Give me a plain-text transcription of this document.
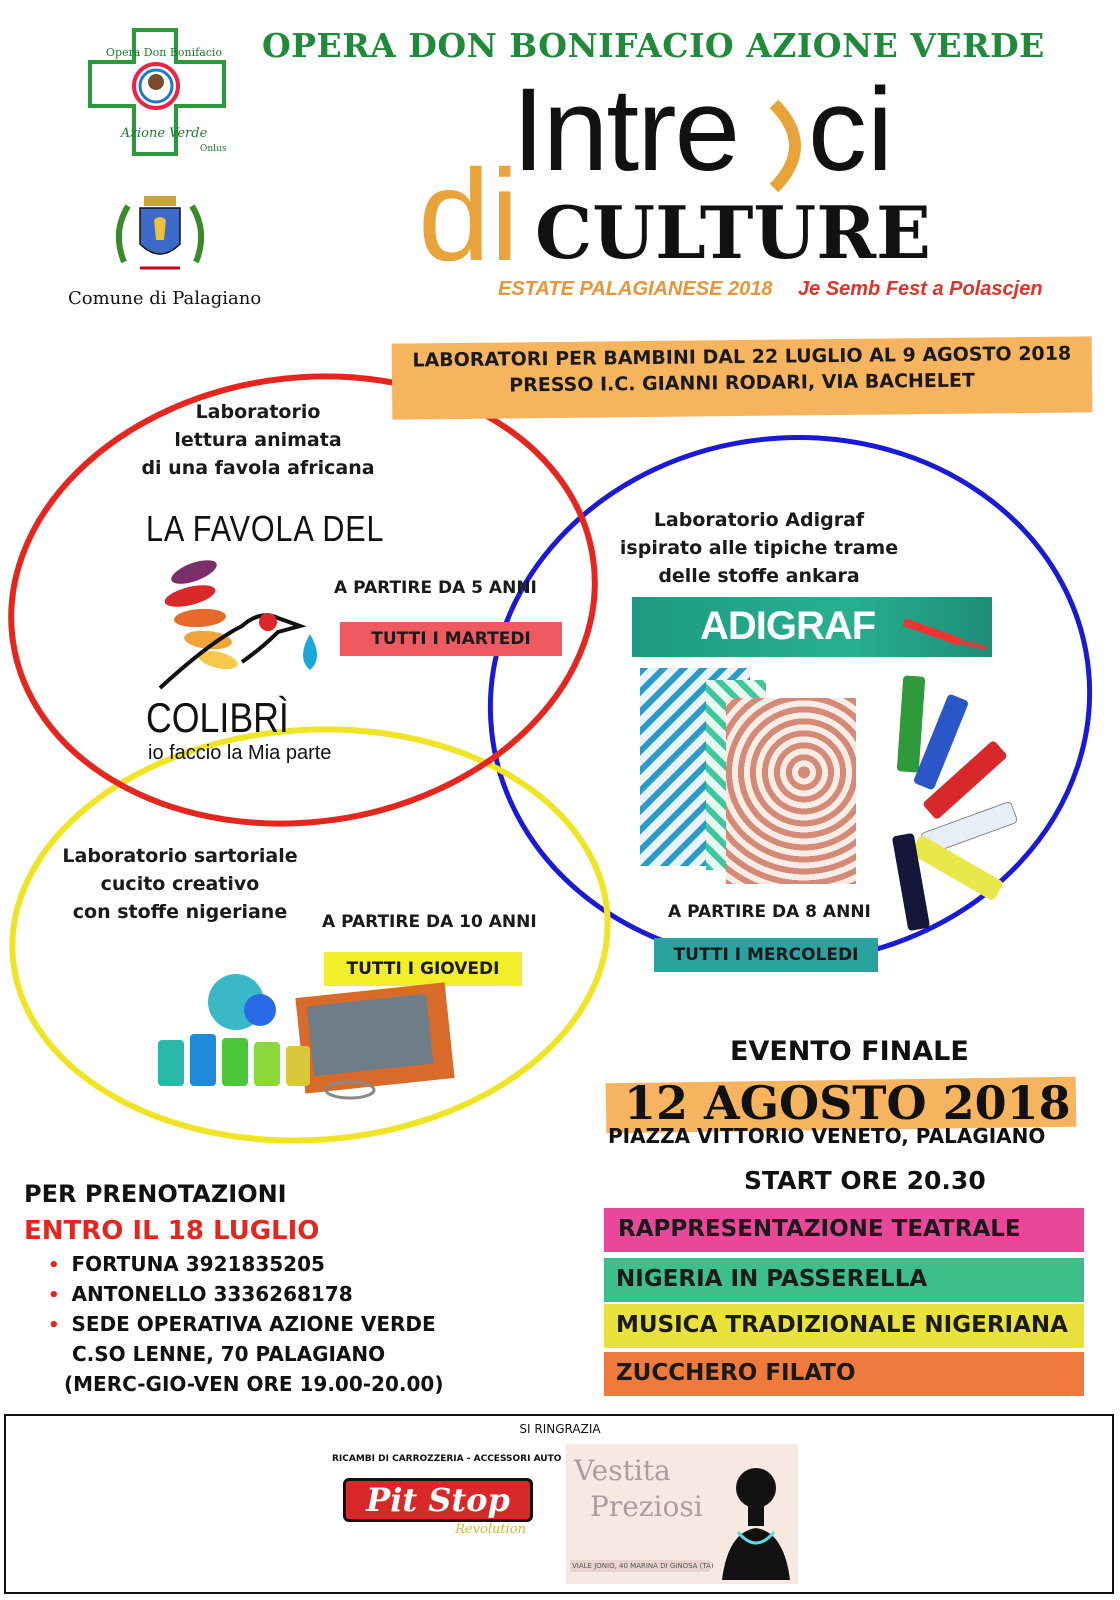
OPERA DON BONIFACIO AZIONE VERDE
Intre ci
di CULTURE
ESTATE PALAGIANESE 2018 Je Semb Fest a Polascjen
Opera Don Bonifacio
Azione Verde
Onlus
Comune di Palagiano
LABORATORI PER BAMBINI DAL 22 LUGLIO AL 9 AGOSTO 2018
PRESSO I.C. GIANNI RODARI, VIA BACHELET
Laboratorio
lettura animata
di una favola africana
LA FAVOLA DEL
COLIBRÌ
io faccio la Mia parte
A PARTIRE DA 5 ANNI
TUTTI I MARTEDI
Laboratorio Adigraf
ispirato alle tipiche trame
delle stoffe ankara
ADIGRAF
A PARTIRE DA 8 ANNI
TUTTI I MERCOLEDI
Laboratorio sartoriale
cucito creativo
con stoffe nigeriane	A PARTIRE DA 10 ANNI
TUTTI I GIOVEDI
EVENTO FINALE
12 AGOSTO 2018
PIAZZA VITTORIO VENETO, PALAGIANO
START ORE 20.30
RAPPRESENTAZIONE TEATRALE
NIGERIA IN PASSERELLA
MUSICA TRADIZIONALE NIGERIANA
ZUCCHERO FILATO
PER PRENOTAZIONI
ENTRO IL 18 LUGLIO
• FORTUNA 3921835205
• ANTONELLO 3336268178
• SEDE OPERATIVA AZIONE VERDE
C.SO LENNE, 70 PALAGIANO
(MERC-GIO-VEN ORE 19.00-20.00)
SI RINGRAZIA
RICAMBI DI CARROZZERIA - ACCESSORI AUTO
Pit Stop
Revolution
Vestita
Preziosi
VIALE JONIO, 40 MARINA DI GINOSA (TA)
